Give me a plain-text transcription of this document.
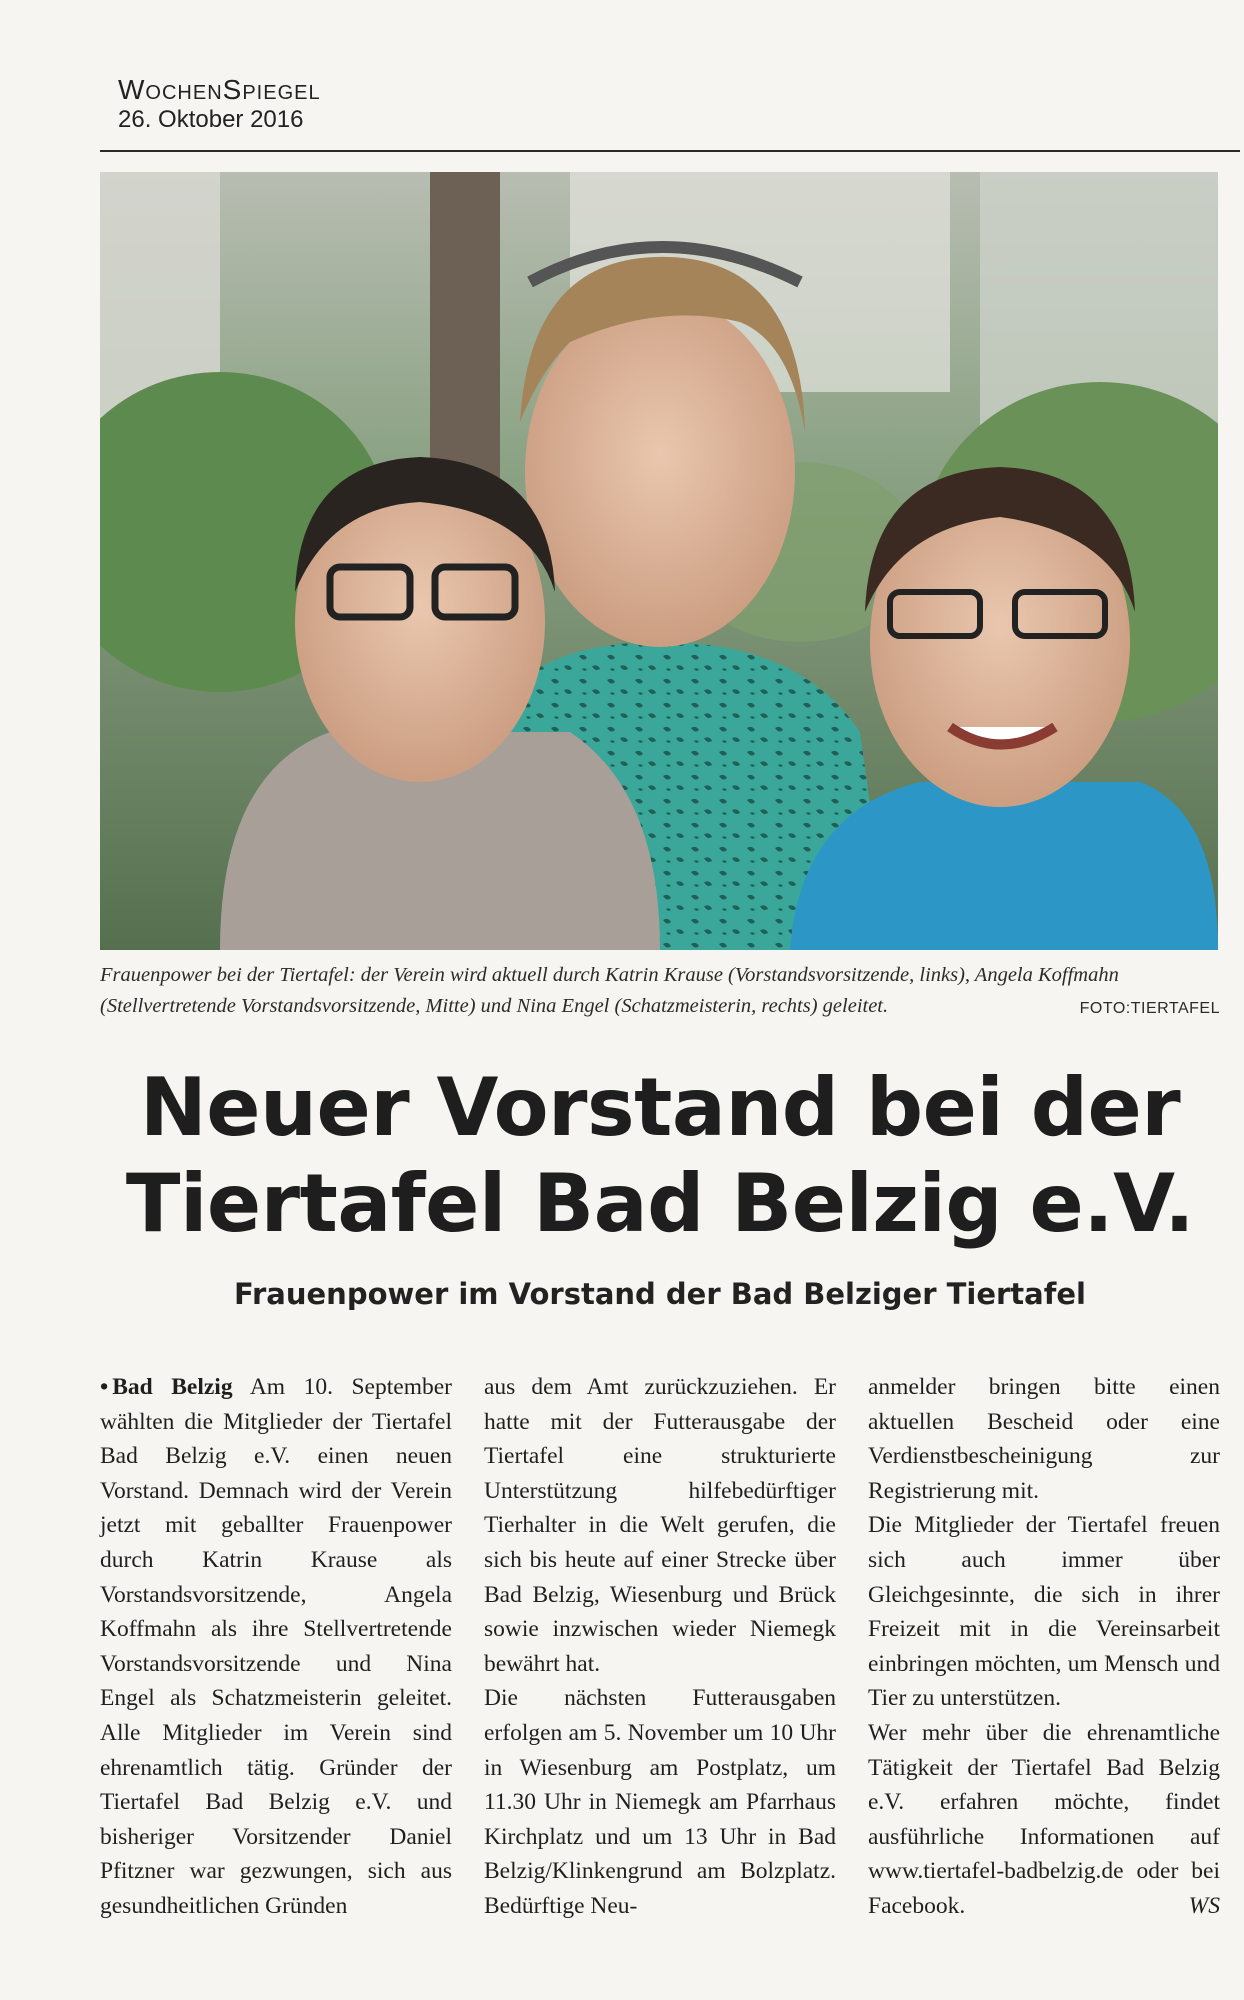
WochenSpiegel
26. Oktober 2016
Frauenpower bei der Tiertafel: der Verein wird aktuell durch Katrin Krause (Vorstandsvorsitzende, links), Angela Koffmahn (Stellvertretende Vorstandsvorsitzende, Mitte) und Nina Engel (Schatzmeisterin, rechts) geleitet.	FOTO:TIERTAFEL
Neuer Vorstand bei der
Tiertafel Bad Belzig e.V.
Frauenpower im Vorstand der Bad Belziger Tiertafel

• Bad Belzig Am 10. September wählten die Mitglieder der Tiertafel Bad Belzig e.V. einen neuen Vorstand. Demnach wird der Verein jetzt mit geballter Frauenpower durch Katrin Krause als Vorstandsvorsitzende, Angela Koffmahn als ihre Stellvertretende Vorstandsvorsitzende und Nina Engel als Schatzmeisterin geleitet. Alle Mitglieder im Verein sind ehrenamtlich tätig. Gründer der Tiertafel Bad Belzig e.V. und bisheriger Vorsitzender Daniel Pfitzner war gezwungen, sich aus gesundheitlichen Gründen

aus dem Amt zurückzuziehen. Er hatte mit der Futterausgabe der Tiertafel eine strukturierte Unterstützung hilfebedürftiger Tierhalter in die Welt gerufen, die sich bis heute auf einer Strecke über Bad Belzig, Wiesenburg und Brück sowie inzwischen wieder Niemegk bewährt hat.

Die nächsten Futterausgaben erfolgen am 5. November um 10 Uhr in Wiesenburg am Postplatz, um 11.30 Uhr in Niemegk am Pfarrhaus Kirchplatz und um 13 Uhr in Bad Belzig/Klinkengrund am Bolzplatz. Bedürftige Neu-

anmelder bringen bitte einen aktuellen Bescheid oder eine Verdienstbescheinigung zur Registrierung mit.

Die Mitglieder der Tiertafel freuen sich auch immer über Gleichgesinnte, die sich in ihrer Freizeit mit in die Vereinsarbeit einbringen möchten, um Mensch und Tier zu unterstützen.

Wer mehr über die ehrenamtliche Tätigkeit der Tiertafel Bad Belzig e.V. erfahren möchte, findet ausführliche Informationen auf www.tiertafel-badbelzig.de oder bei Facebook.	WS
